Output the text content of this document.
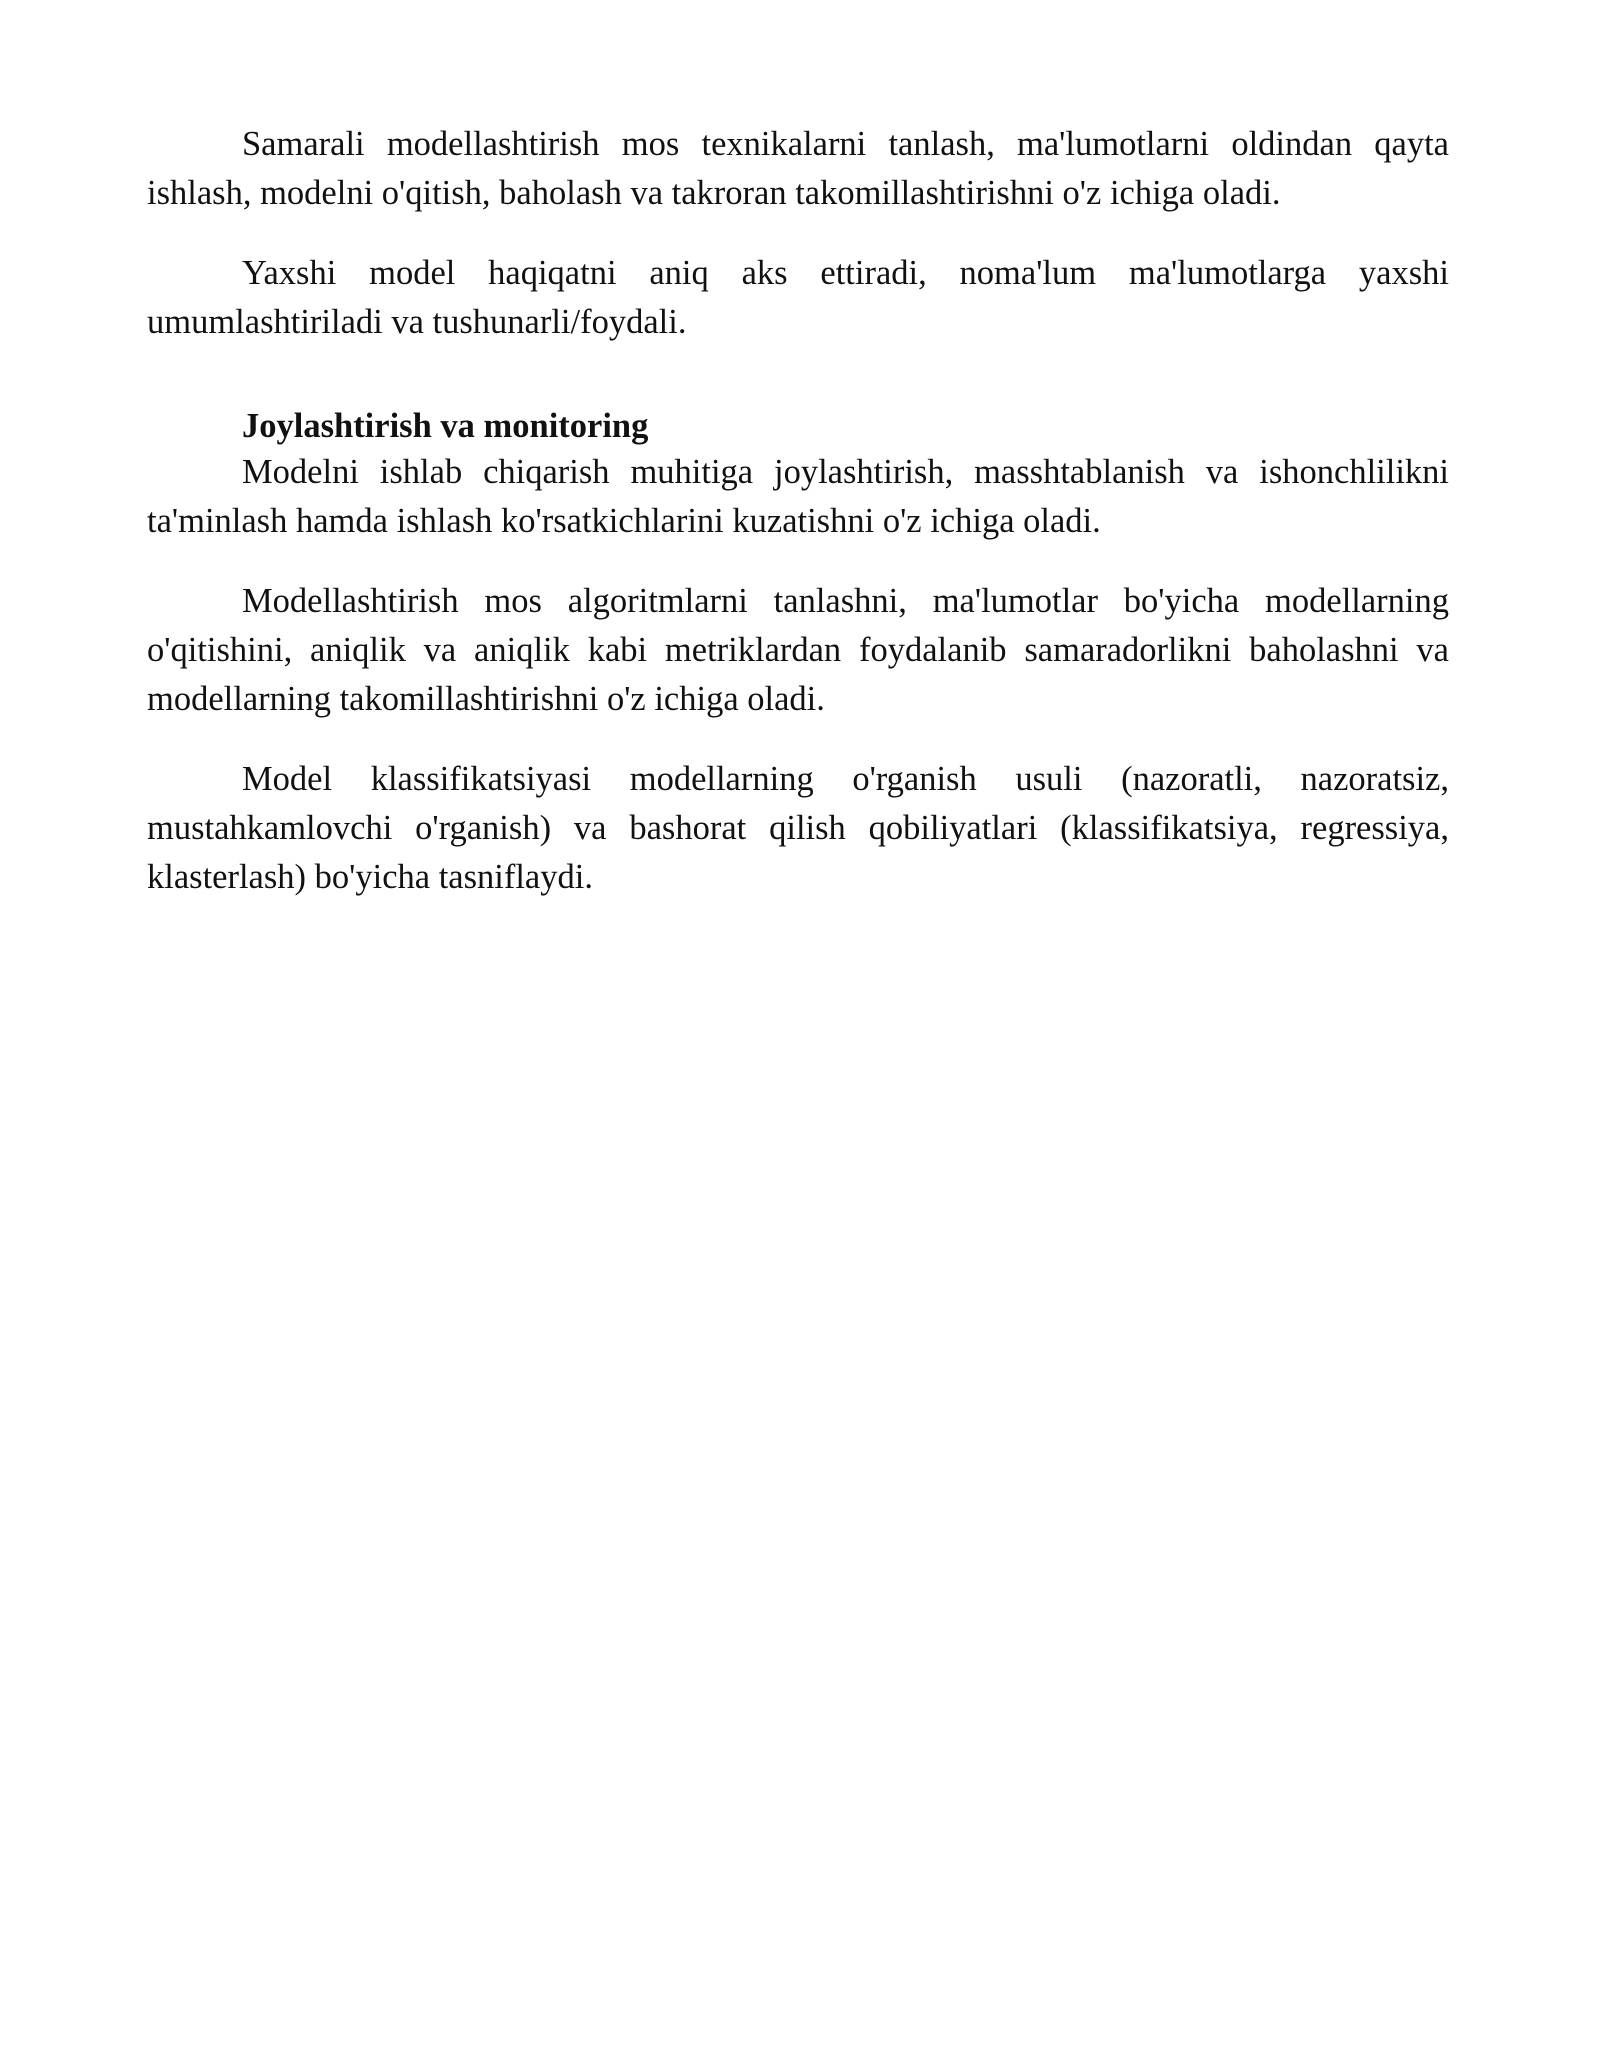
Samarali modellashtirish mos texnikalarni tanlash, ma'lumotlarni oldindan qayta ishlash, modelni o'qitish, baholash va takroran takomillashtirishni o'z ichiga oladi.

Yaxshi model haqiqatni aniq aks ettiradi, noma'lum ma'lumotlarga yaxshi umumlashtiriladi va tushunarli/foydali.

Joylashtirish va monitoring

Modelni ishlab chiqarish muhitiga joylashtirish, masshtablanish va ishonchlilikni ta'minlash hamda ishlash ko'rsatkichlarini kuzatishni o'z ichiga oladi.

Modellashtirish mos algoritmlarni tanlashni, ma'lumotlar bo'yicha modellarning o'qitishini, aniqlik va aniqlik kabi metriklardan foydalanib samaradorlikni baholashni va modellarning takomillashtirishni o'z ichiga oladi.

Model klassifikatsiyasi modellarning o'rganish usuli (nazoratli, nazoratsiz, mustahkamlovchi o'rganish) va bashorat qilish qobiliyatlari (klassifikatsiya, regressiya, klasterlash) bo'yicha tasniflaydi.
